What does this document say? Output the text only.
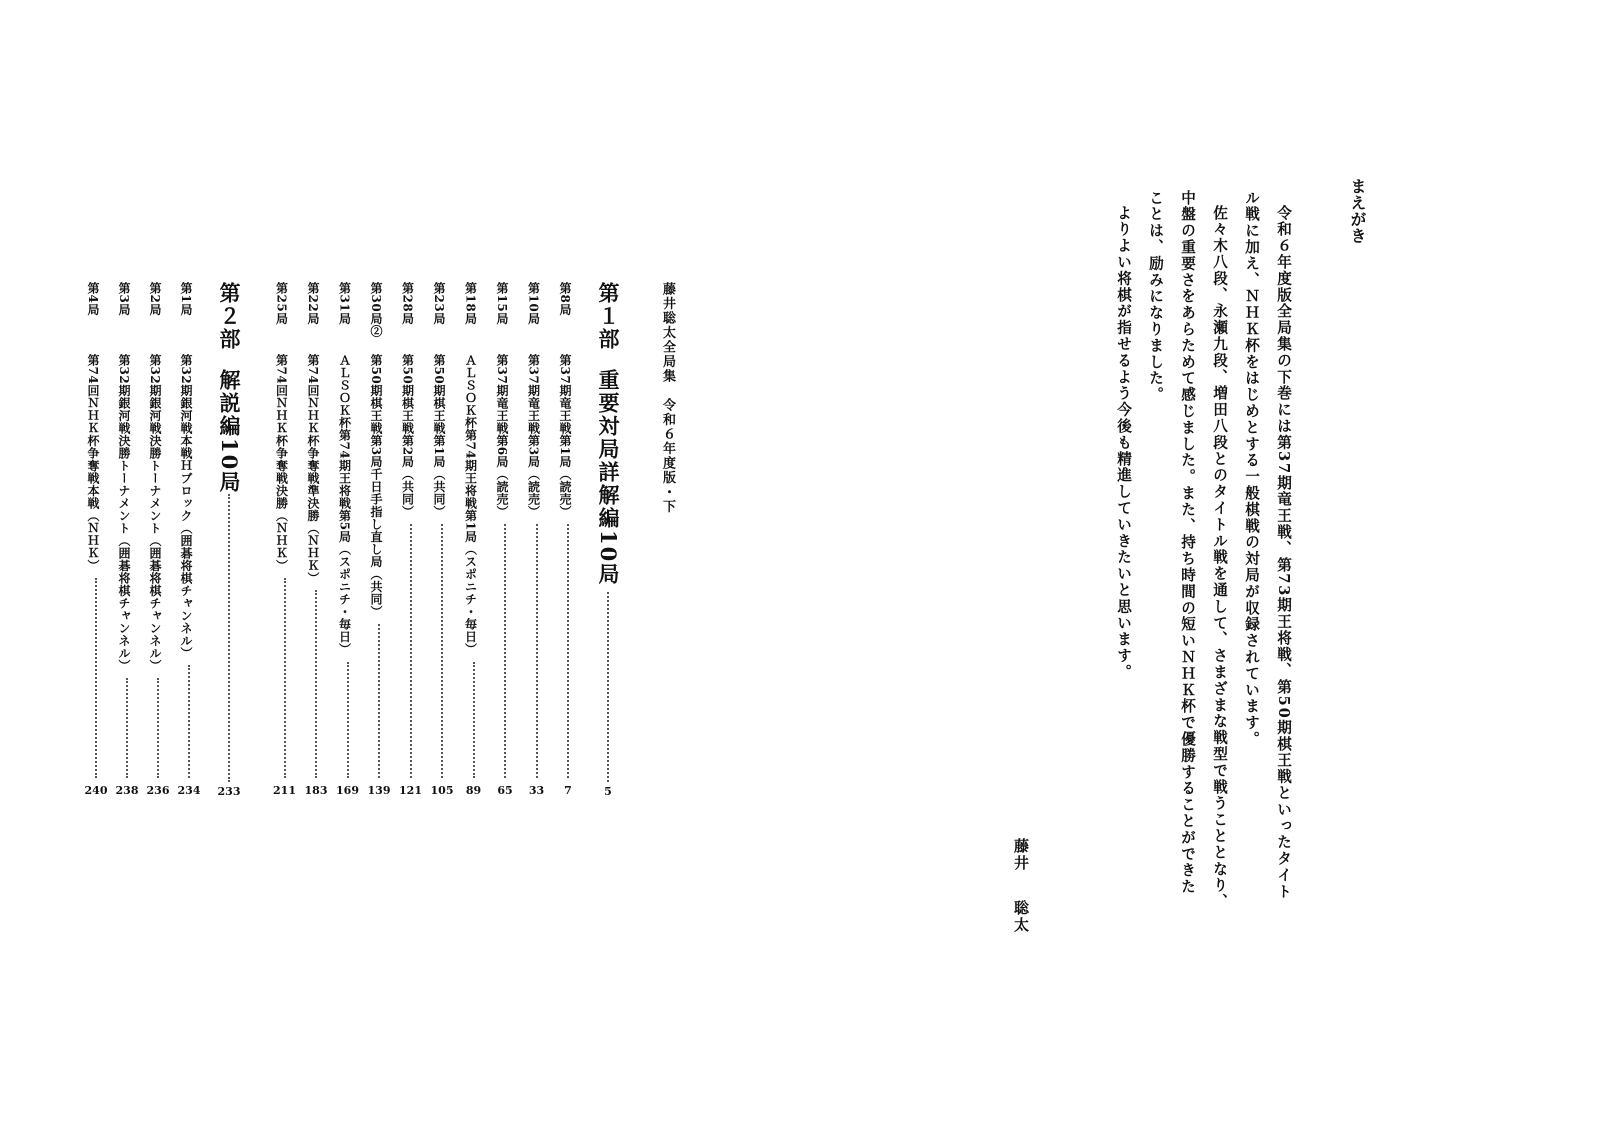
まえがき

令和６年度版全局集の下巻には第37期竜王戦、第73期王将戦、第50期棋王戦といったタイトル戦に加え、ＮＨＫ杯をはじめとする一般棋戦の対局が収録されています。

佐々木八段、永瀬九段、増田八段とのタイトル戦を通して、さまざまな戦型で戦うこととなり、中盤の重要さをあらためて感じました。また、持ち時間の短いＮＨＫ杯で優勝することができたことは、励みになりました。

よりよい将棋が指せるよう今後も精進していきたいと思います。

藤井聡太
藤井聡太全局集　令和６年度版・下
第１部重要対局詳解編10局
5
第8局
第37期竜王戦第1局（読売）
7
第10局
第37期竜王戦第3局（読売）
33
第15局
第37期竜王戦第6局（読売）
65
第18局
ＡＬＳＯＫ杯第74期王将戦第1局（スポニチ・毎日）
89
第23局
第50期棋王戦第1局（共同）
105
第28局
第50期棋王戦第2局（共同）
121
第30局②
第50期棋王戦第3局千日手指し直し局（共同）
139
第31局
ＡＬＳＯＫ杯第74期王将戦第5局（スポニチ・毎日）
169
第22局
第74回ＮＨＫ杯争奪戦準決勝（ＮＨＫ）
183
第25局
第74回ＮＨＫ杯争奪戦決勝（ＮＨＫ）
211
第２部解説編10局
233
第1局
第32期銀河戦本戦Ｈブロック（囲碁将棋チャンネル）
234
第2局
第32期銀河戦決勝トーナメント（囲碁将棋チャンネル）
236
第3局
第32期銀河戦決勝トーナメント（囲碁将棋チャンネル）
238
第4局
第74回ＮＨＫ杯争奪戦本戦（ＮＨＫ）
240
